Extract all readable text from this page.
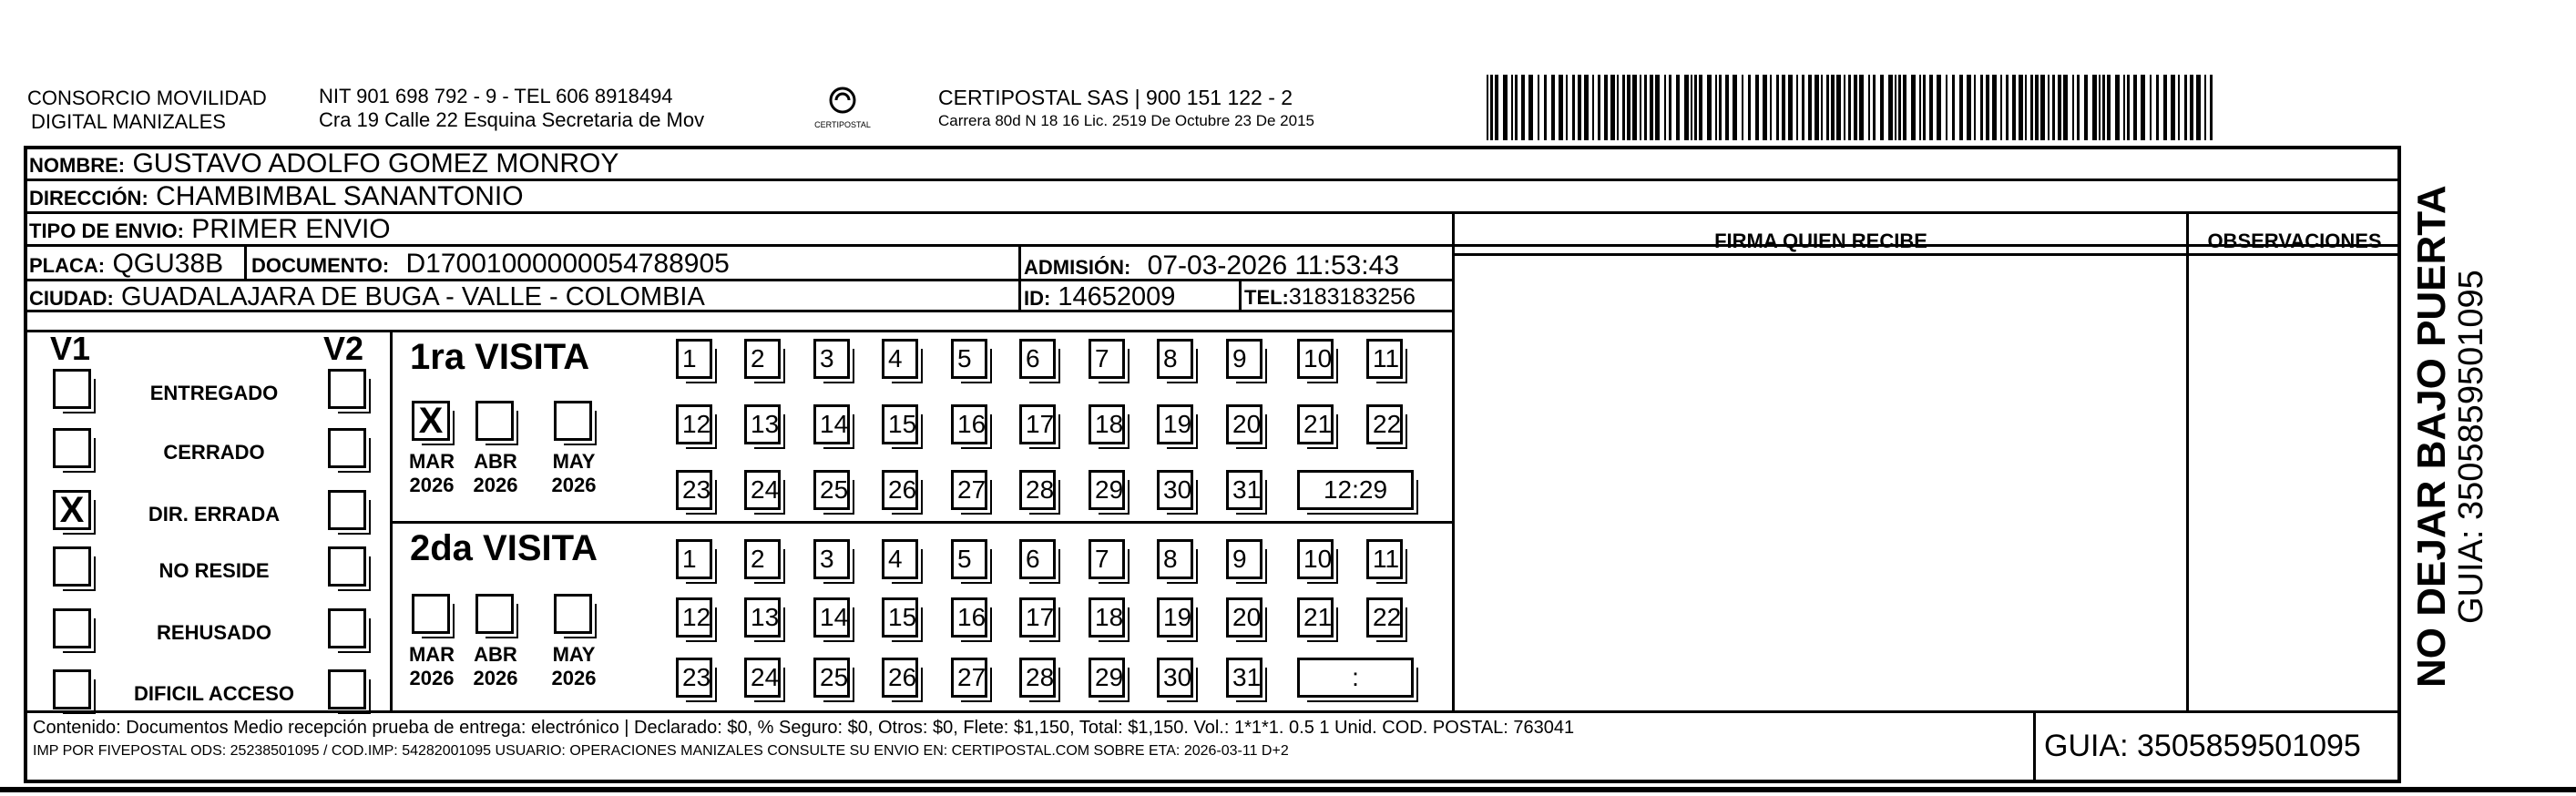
CONSORCIO MOVILIDAD
DIGITAL MANIZALES
NIT 901 698 792 - 9 - TEL 606 8918494
Cra 19 Calle 22 Esquina Secretaria de Mov	CERTIPOSTAL
CERTIPOSTAL SAS | 900 151 122 - 2
Carrera 80d N 18 16 Lic. 2519 De Octubre 23 De 2015
NOMBRE: GUSTAVO ADOLFO GOMEZ MONROY
DIRECCIÓN: CHAMBIMBAL SANANTONIO
TIPO DE ENVIO: PRIMER ENVIO	FIRMA QUIEN RECIBE	OBSERVACIONES
PLACA: QGU38B DOCUMENTO: D17001000000054788905	ADMISIÓN: 07-03-2026 11:53:43
CIUDAD: GUADALAJARA DE BUGA - VALLE - COLOMBIA	ID: 14652009	TEL:3183183256
V1	V2
ENTREGADO
CERRADO
X	DIR. ERRADA
NO RESIDE
REHUSADO
DIFICIL ACCESO
1ra VISITA
X
MAR
2026
ABR
2026
MAY
2026
1	2	3	4	5	6	7	8	9	10 11
12 13 14 15 16 17 18 19 20 21 22
23 24 25 26 27 28 29 30 31	12:29
2da VISITA
MAR
2026
ABR
2026
MAY
2026
1	2	3	4	5	6	7	8	9	10 11
12 13 14 15 16 17 18 19 20 21 22
23 24 25 26 27 28 29 30 31	:
Contenido: Documentos Medio recepción prueba de entrega: electrónico | Declarado: $0, % Seguro: $0, Otros: $0, Flete: $1,150, Total: $1,150. Vol.: 1*1*1. 0.5 1 Unid. COD. POSTAL: 763041
IMP POR FIVEPOSTAL ODS: 25238501095 / COD.IMP: 54282001095 USUARIO: OPERACIONES MANIZALES CONSULTE SU ENVIO EN: CERTIPOSTAL.COM SOBRE ETA: 2026-03-11 D+2	GUIA: 3505859501095
NO DEJAR BAJO PUERTA
GUIA: 3505859501095
